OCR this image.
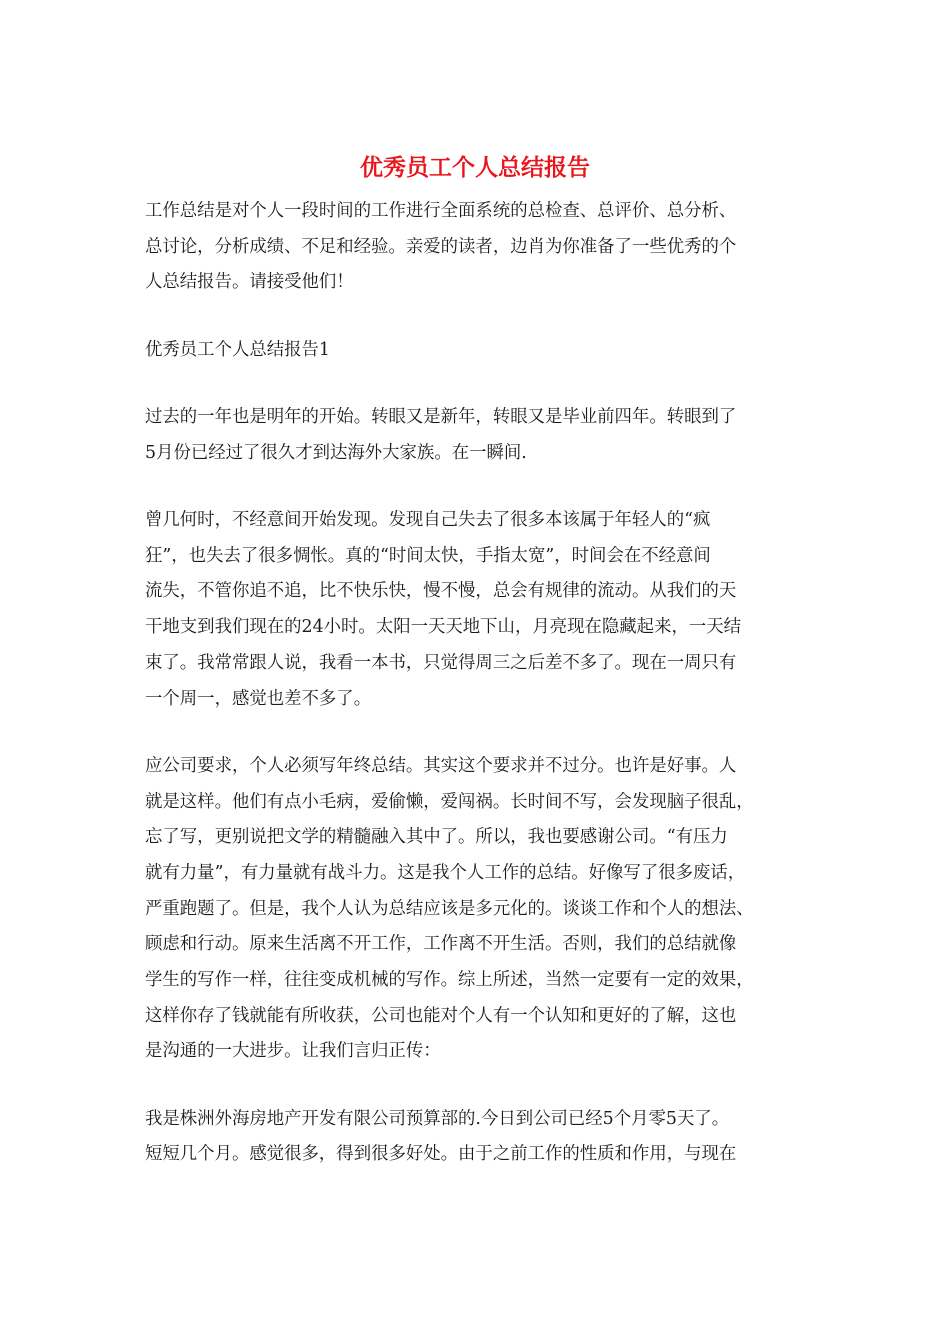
优秀员工个人总结报告

工作总结是对个人一段时间的工作进行全面系统的总检查、总评价、总分析、
总讨论，分析成绩、不足和经验。亲爱的读者，边肖为你准备了一些优秀的个
人总结报告。请接受他们！

优秀员工个人总结报告1

过去的一年也是明年的开始。转眼又是新年，转眼又是毕业前四年。转眼到了
5月份已经过了很久才到达海外大家族。在一瞬间.

曾几何时，不经意间开始发现。发现自己失去了很多本该属于年轻人的“疯
狂”，也失去了很多惆怅。真的“时间太快，手指太宽”，时间会在不经意间
流失，不管你追不追，比不快乐快，慢不慢，总会有规律的流动。从我们的天
干地支到我们现在的24小时。太阳一天天地下山，月亮现在隐藏起来，一天结
束了。我常常跟人说，我看一本书，只觉得周三之后差不多了。现在一周只有
一个周一，感觉也差不多了。

应公司要求，个人必须写年终总结。其实这个要求并不过分。也许是好事。人
就是这样。他们有点小毛病，爱偷懒，爱闯祸。长时间不写，会发现脑子很乱，
忘了写，更别说把文学的精髓融入其中了。所以，我也要感谢公司。“有压力
就有力量”，有力量就有战斗力。这是我个人工作的总结。好像写了很多废话，
严重跑题了。但是，我个人认为总结应该是多元化的。谈谈工作和个人的想法、
顾虑和行动。原来生活离不开工作，工作离不开生活。否则，我们的总结就像
学生的写作一样，往往变成机械的写作。综上所述，当然一定要有一定的效果，
这样你存了钱就能有所收获，公司也能对个人有一个认知和更好的了解，这也
是沟通的一大进步。让我们言归正传：

我是株洲外海房地产开发有限公司预算部的.今日到公司已经5个月零5天了。
短短几个月。感觉很多，得到很多好处。由于之前工作的性质和作用，与现在
